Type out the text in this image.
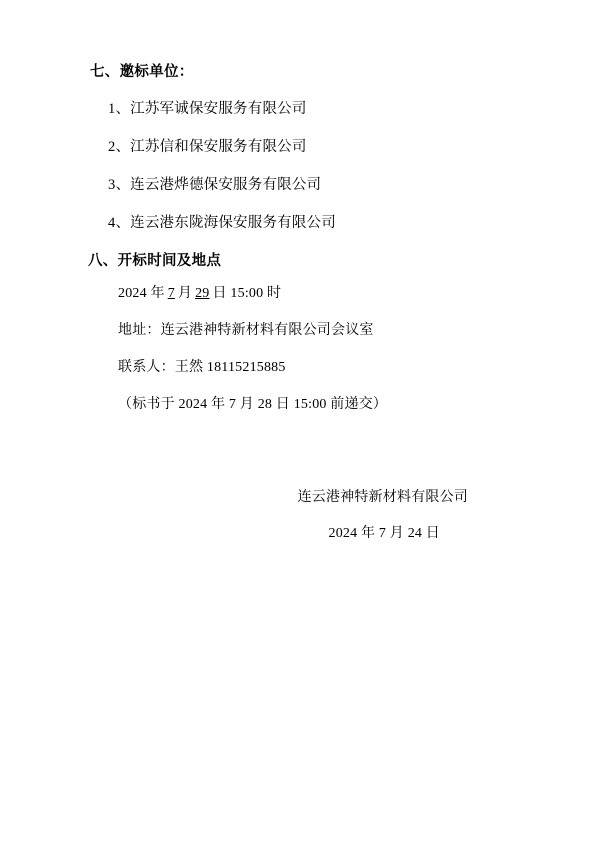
七、邀标单位：
1、江苏军诚保安服务有限公司
2、江苏信和保安服务有限公司
3、连云港烨德保安服务有限公司
4、连云港东陇海保安服务有限公司
八、开标时间及地点
2024 年 7 月 29 日 15:00 时
地址：连云港神特新材料有限公司会议室
联系人：王然 18115215885
（标书于 2024 年 7 月 28 日 15:00 前递交）
连云港神特新材料有限公司
2024 年 7 月 24 日
